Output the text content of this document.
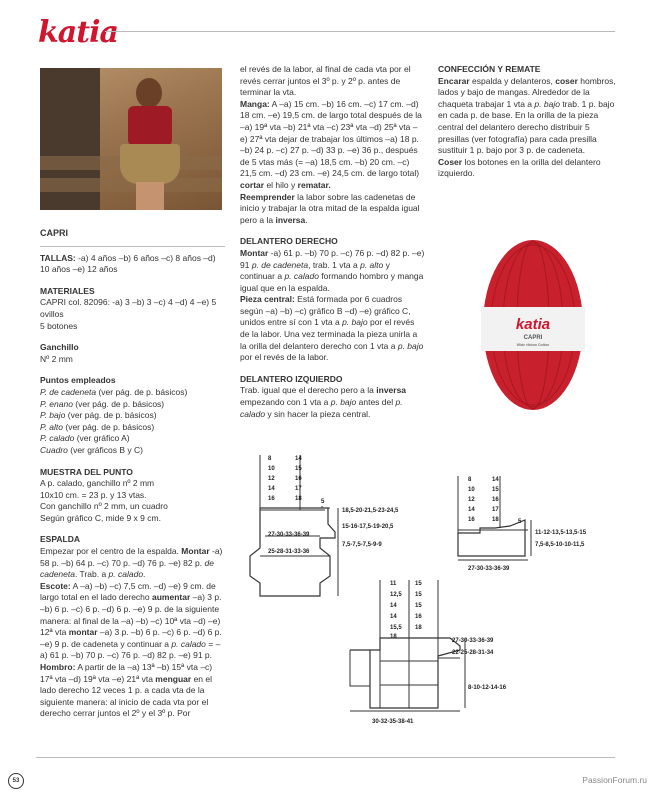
katia

CAPRI

TALLAS: -a) 4 años –b) 6 años –c) 8 años –d) 10 años –e) 12 años

MATERIALES

CAPRI col. 82096: -a) 3 –b) 3 –c) 4 –d) 4 –e) 5 ovillos

5 botones

Ganchillo

Nº 2 mm

Puntos empleados

P. de cadeneta (ver pág. de p. básicos)

P. enano (ver pág. de p. básicos)

P. bajo (ver pág. de p. básicos)

P. alto (ver pág. de p. básicos)

P. calado (ver gráfico A)

Cuadro (ver gráficos B y C)

MUESTRA DEL PUNTO

A p. calado, ganchillo nº 2 mm

10x10 cm. = 23 p. y 13 vtas.

Con ganchillo nº 2 mm, un cuadro

Según gráfico C, mide 9 x 9 cm.

ESPALDA

Empezar por el centro de la espalda. Montar -a) 58 p. –b) 64 p. –c) 70 p. –d) 76 p. –e) 82 p. de cadeneta. Trab. a p. calado.

Escote: A –a) –b) –c) 7,5 cm. –d) –e) 9 cm. de largo total en el lado derecho aumentar –a) 3 p. –b) 6 p. –c) 6 p. –d) 6 p. –e) 9 p. de la siguiente manera: al final de la –a) –b) –c) 10ª vta –d) –e) 12ª vta montar –a) 3 p. –b) 6 p. –c) 6 p. –d) 6 p. –e) 9 p. de cadeneta y continuar a p. calado = –a) 61 p. –b) 70 p. –c) 76 p. –d) 82 p. –e) 91 p.

Hombro: A partir de la –a) 13ª –b) 15ª vta –c) 17ª vta –d) 19ª vta –e) 21ª vta menguar en el lado derecho 12 veces 1 p. a cada vta de la siguiente manera: al inicio de cada vta por el derecho cerrar juntos el 2º y el 3º p. Por

el revés de la labor, al final de cada vta por el revés cerrar juntos el 3º p. y 2º p. antes de terminar la vta.

Manga: A –a) 15 cm. –b) 16 cm. –c) 17 cm. –d) 18 cm. –e) 19,5 cm. de largo total después de la –a) 19ª vta –b) 21ª vta –c) 23ª vta –d) 25ª vta –e) 27ª vta dejar de trabajar los últimos –a) 18 p. –b) 24 p. –c) 27 p. –d) 33 p. –e) 36 p., después de 5 vtas más (= –a) 18,5 cm. –b) 20 cm. –c) 21,5 cm. –d) 23 cm. –e) 24,5 cm. de largo total) cortar el hilo y rematar.

Reemprender la labor sobre las cadenetas de inicio y trabajar la otra mitad de la espalda igual pero a la inversa.

DELANTERO DERECHO

Montar -a) 61 p. –b) 70 p. –c) 76 p. –d) 82 p. –e) 91 p. de cadeneta, trab. 1 vta a p. alto y continuar a p. calado formando hombro y manga igual que en la espalda.

Pieza central: Está formada por 6 cuadros según –a) –b) –c) gráfico B –d) –e) gráfico C, unidos entre sí con 1 vta a p. bajo por el revés de la labor. Una vez terminada la pieza unirla a la orilla del delantero derecho con 1 vta a p. bajo por el revés de la labor.

DELANTERO IZQUIERDO

Trab. igual que el derecho pero a la inversa empezando con 1 vta a p. bajo antes del p. calado y sin hacer la pieza central.

CONFECCIÓN Y REMATE

Encarar espalda y delanteros, coser hombros, lados y bajo de mangas. Alrededor de la chaqueta trabajar 1 vta a p. bajo trab. 1 p. bajo en cada p. de base. En la orilla de la pieza central del delantero derecho distribuir 5 presillas (ver fotografía) para cada presilla sustituir 1 p. bajo por 3 p. de cadeneta.

Coser los botones en la orilla del delantero izquierdo.

katia
CAPRI
Wide ribbon Cotton
8
10
12
14
16
14
15
16
17
18	5
18,5-20-21,5-23-24,5
15-16-17,5-19-20,5
7,5-7,5-7,5-9-9
27-30-33-36-39
25-28-31-33-36
8
10
12
14
16
14
15
16
17
18	5
11-12-13,5-13,5-15
7,5-8,5-10-10-11,5
27-30-33-36-39
11
12,5
14
14
15,5
15
15
15
16
18
18
27-30-33-36-39
22-25-28-31-34
8-10-12-14-16
30-32-35-38-41
53	PassionForum.ru
